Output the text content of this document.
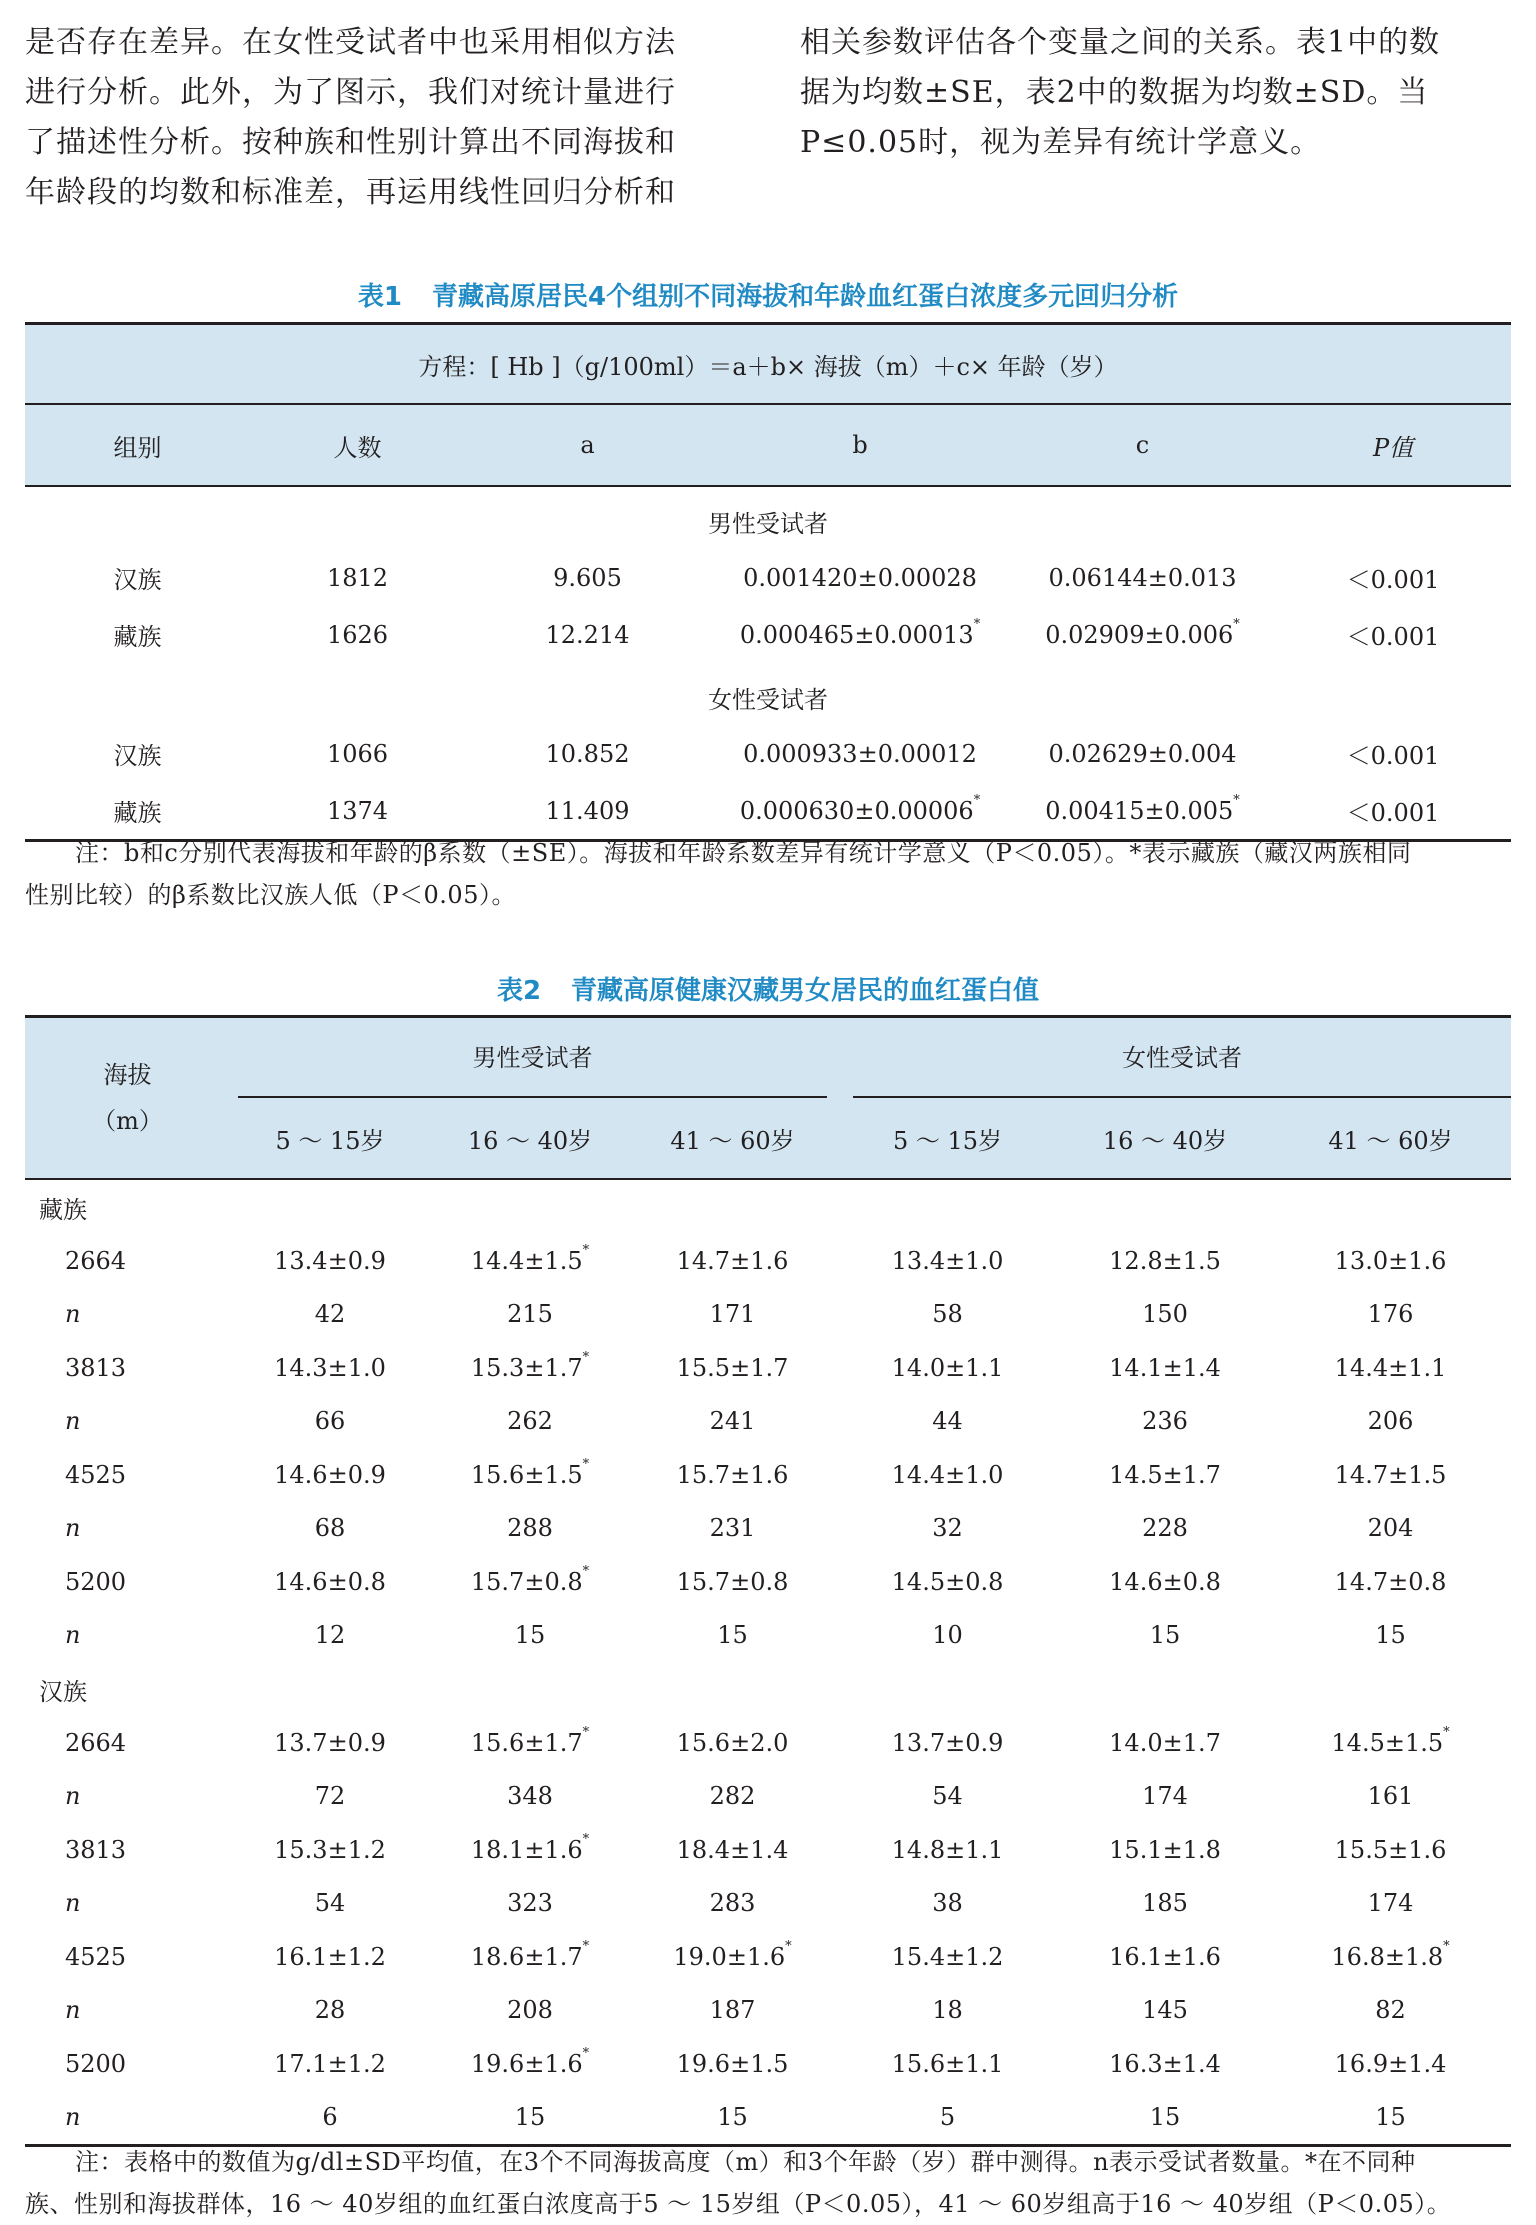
是否存在差异。在女性受试者中也采用相似方法

进行分析。此外，为了图示，我们对统计量进行

了描述性分析。按种族和性别计算出不同海拔和

年龄段的均数和标准差，再运用线性回归分析和

相关参数评估各个变量之间的关系。表1中的数

据为均数±SE，表2中的数据为均数±SD。当

P≤0.05时，视为差异有统计学意义。

表1 青藏高原居民4个组别不同海拔和年龄血红蛋白浓度多元回归分析
方程：[ Hb ]（g/100ml）＝a＋b× 海拔（m）＋c× 年龄（岁）					
组别	人数	a	b	c	P值
男性受试者					
汉族	1812	9.605	0.001420±0.00028	0.06144±0.013	＜0.001
藏族	1626	12.214	0.000465±0.00013*	0.02909±0.006*	＜0.001
女性受试者					
汉族	1066	10.852	0.000933±0.00012	0.02629±0.004	＜0.001
藏族	1374	11.409	0.000630±0.00006*	0.00415±0.005*	＜0.001

注：b和c分别代表海拔和年龄的β系数（±SE）。海拔和年龄系数差异有统计学意义（P＜0.05）。*表示藏族（藏汉两族相同

性别比较）的β系数比汉族人低（P＜0.05）。

表2 青藏高原健康汉藏男女居民的血红蛋白值
海拔
（m）	男性受试者			女性受试者		

	5 ～ 15岁	16 ～ 40岁	41 ～ 60岁	5 ～ 15岁	16 ～ 40岁	41 ～ 60岁
藏族						
2664	13.4±0.9	14.4±1.5*	14.7±1.6	13.4±1.0	12.8±1.5	13.0±1.6
n	42	215	171	58	150	176
3813	14.3±1.0	15.3±1.7*	15.5±1.7	14.0±1.1	14.1±1.4	14.4±1.1
n	66	262	241	44	236	206
4525	14.6±0.9	15.6±1.5*	15.7±1.6	14.4±1.0	14.5±1.7	14.7±1.5
n	68	288	231	32	228	204
5200	14.6±0.8	15.7±0.8*	15.7±0.8	14.5±0.8	14.6±0.8	14.7±0.8
n	12	15	15	10	15	15
汉族						
2664	13.7±0.9	15.6±1.7*	15.6±2.0	13.7±0.9	14.0±1.7	14.5±1.5*
n	72	348	282	54	174	161
3813	15.3±1.2	18.1±1.6*	18.4±1.4	14.8±1.1	15.1±1.8	15.5±1.6
n	54	323	283	38	185	174
4525	16.1±1.2	18.6±1.7*	19.0±1.6*	15.4±1.2	16.1±1.6	16.8±1.8*
n	28	208	187	18	145	82
5200	17.1±1.2	19.6±1.6*	19.6±1.5	15.6±1.1	16.3±1.4	16.9±1.4
n	6	15	15	5	15	15

注：表格中的数值为g/dl±SD平均值，在3个不同海拔高度（m）和3个年龄（岁）群中测得。n表示受试者数量。*在不同种

族、性别和海拔群体，16 ～ 40岁组的血红蛋白浓度高于5 ～ 15岁组（P＜0.05），41 ～ 60岁组高于16 ～ 40岁组（P＜0.05）。
